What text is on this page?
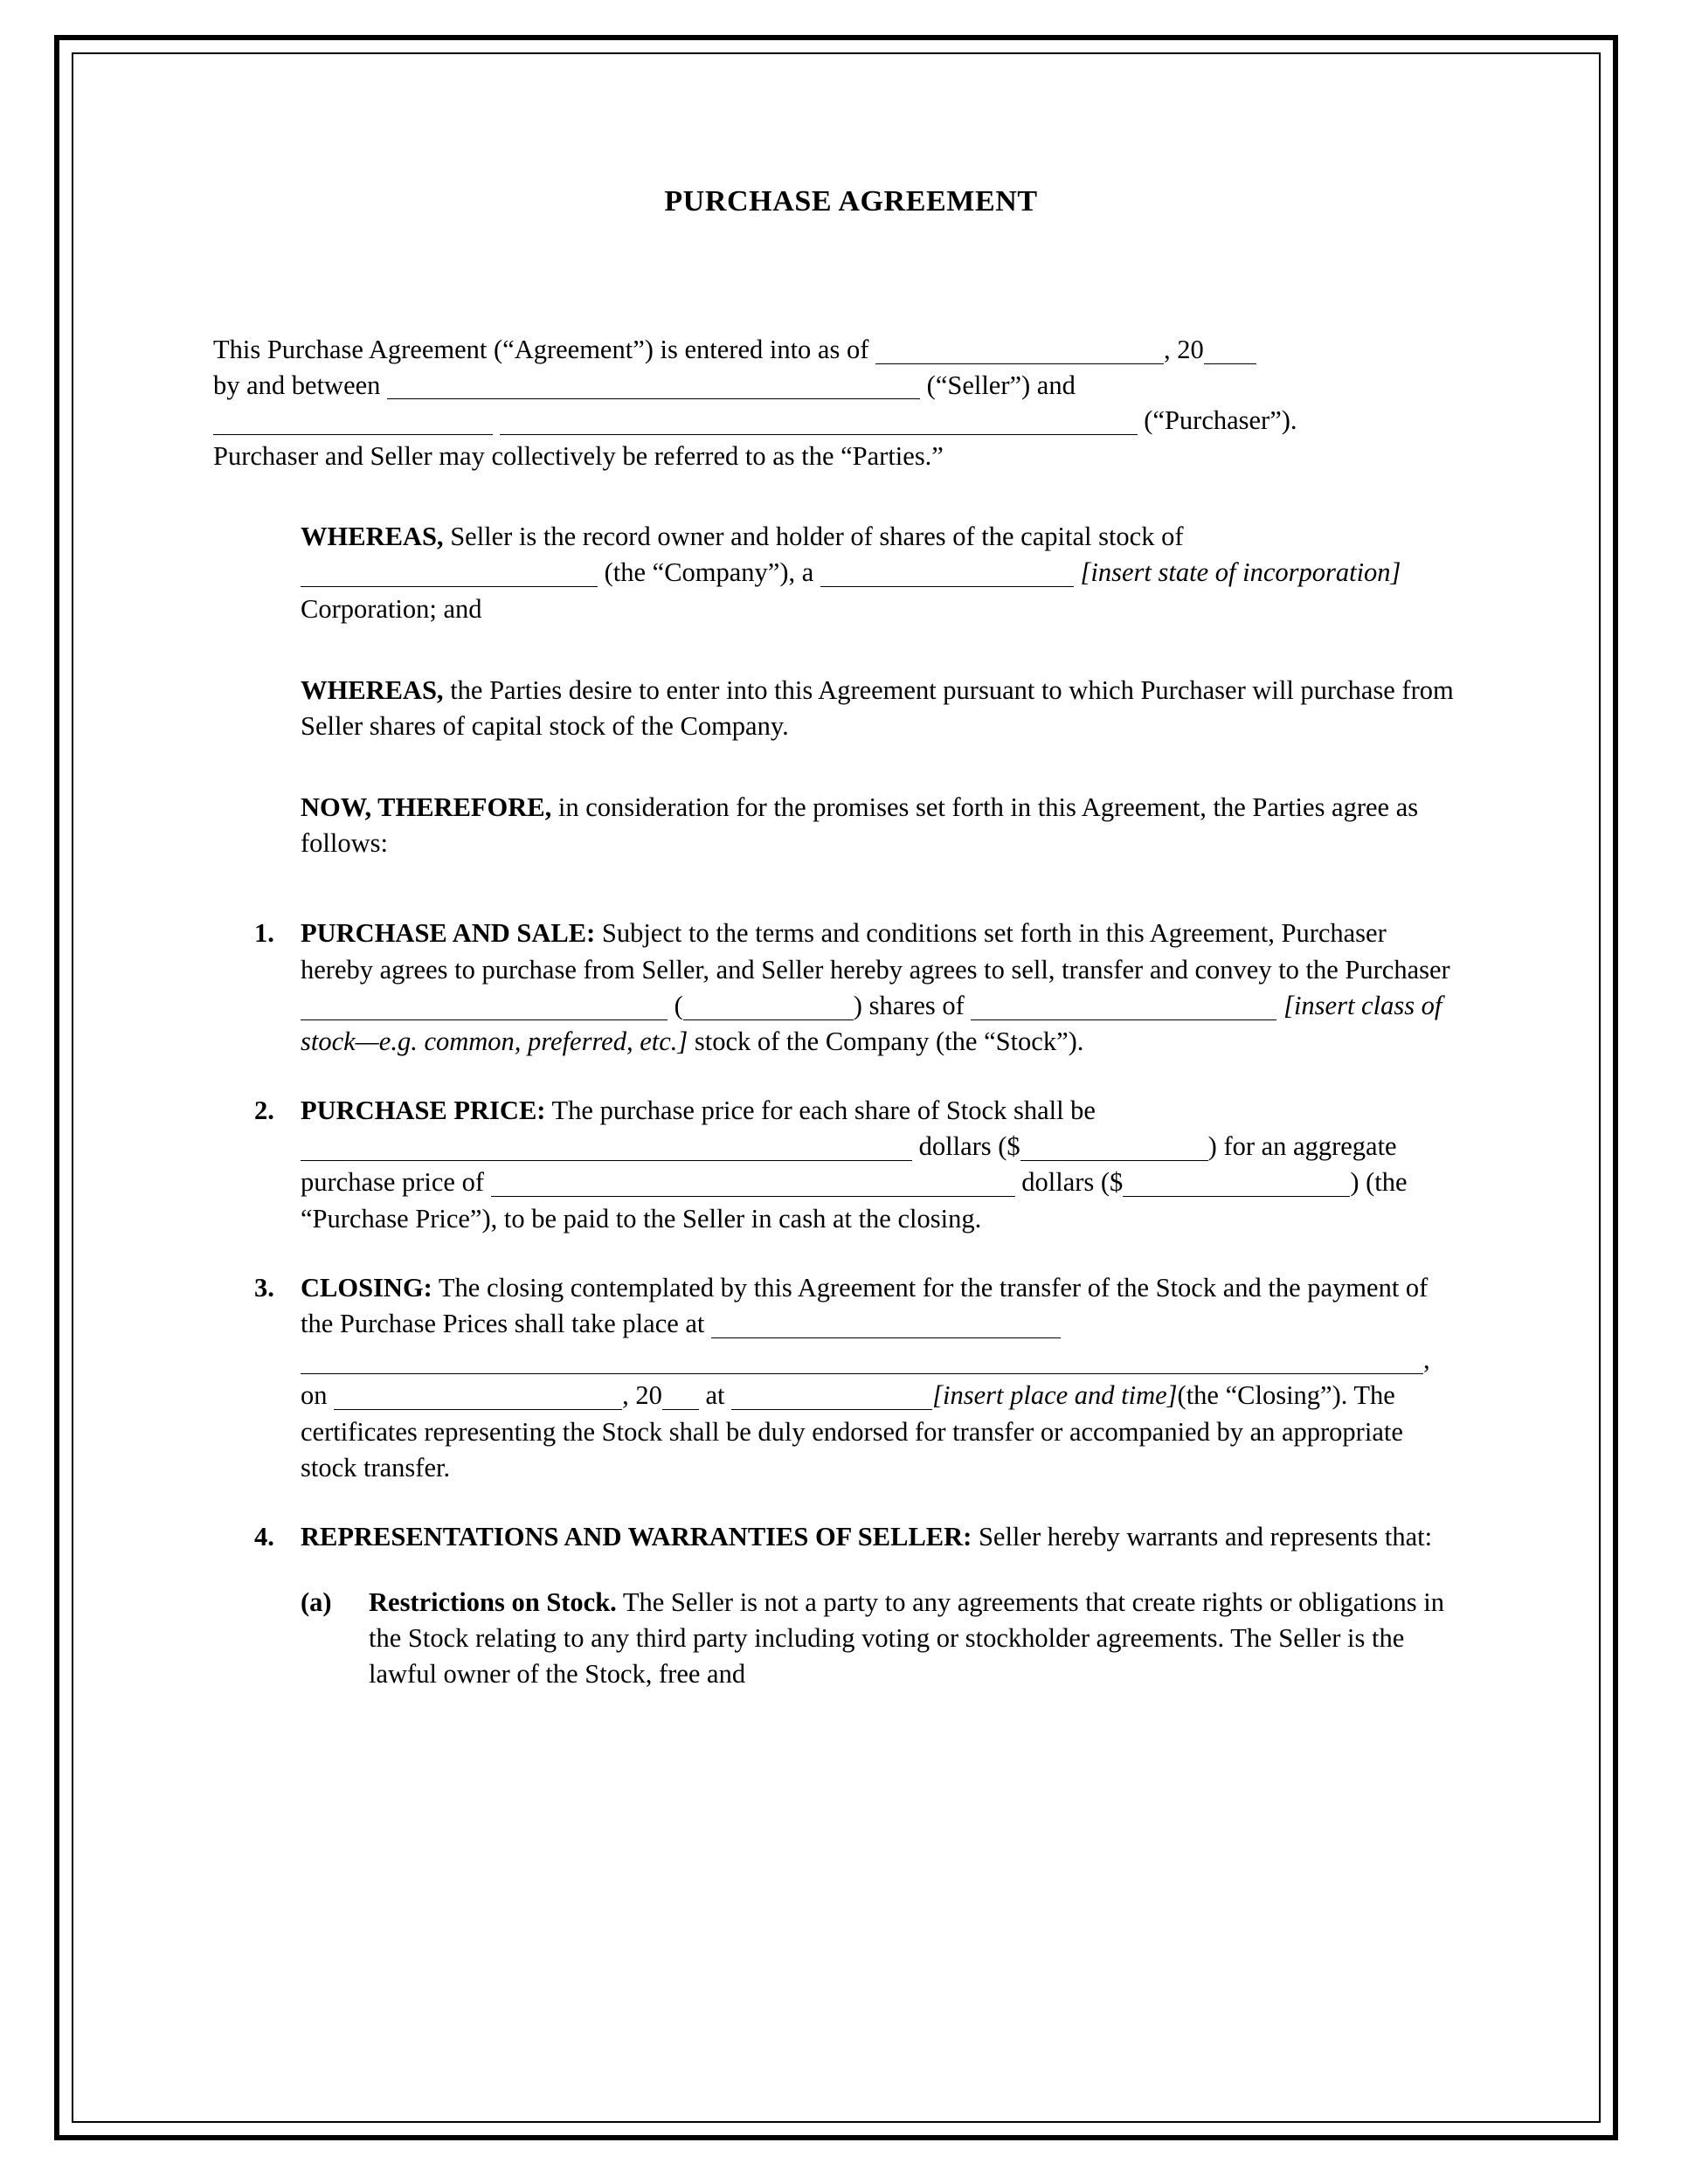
PURCHASE AGREEMENT
This Purchase Agreement (“Agreement”) is entered into as of	, 20
by and between	(“Seller”) and
(“Purchaser”).
Purchaser and Seller may collectively be referred to as the “Parties.”
WHEREAS, Seller is the record owner and holder of shares of the capital stock of  (the “Company”), a	[insert state of incorporation] Corporation; and
WHEREAS, the Parties desire to enter into this Agreement pursuant to which Purchaser will purchase from Seller shares of capital stock of the Company.
NOW, THEREFORE, in consideration for the promises set forth in this Agreement, the Parties agree as follows:
PURCHASE AND SALE: Subject to the terms and conditions set forth in this Agreement, Purchaser hereby agrees to purchase from Seller, and Seller hereby agrees to sell, transfer and convey to the Purchaser  (	) shares of	[insert class of stock—e.g. common, preferred, etc.] stock of the Company (the “Stock”).
PURCHASE PRICE: The purchase price for each share of Stock shall be
dollars ($	) for an aggregate purchase price of	dollars ($	) (the “Purchase Price”), to be paid to the Seller in cash at the closing.
CLOSING: The closing contemplated by this Agreement for the transfer of the Stock and the payment of the Purchase Prices shall take place at
, on	, 20 at	[insert place and time](the “Closing”). The certificates representing the Stock shall be duly endorsed for transfer or accompanied by an appropriate stock transfer.
REPRESENTATIONS AND WARRANTIES OF SELLER: Seller hereby warrants and represents that:
(a) Restrictions on Stock. The Seller is not a party to any agreements that create rights or obligations in the Stock relating to any third party including voting or stockholder agreements. The Seller is the lawful owner of the Stock, free and
